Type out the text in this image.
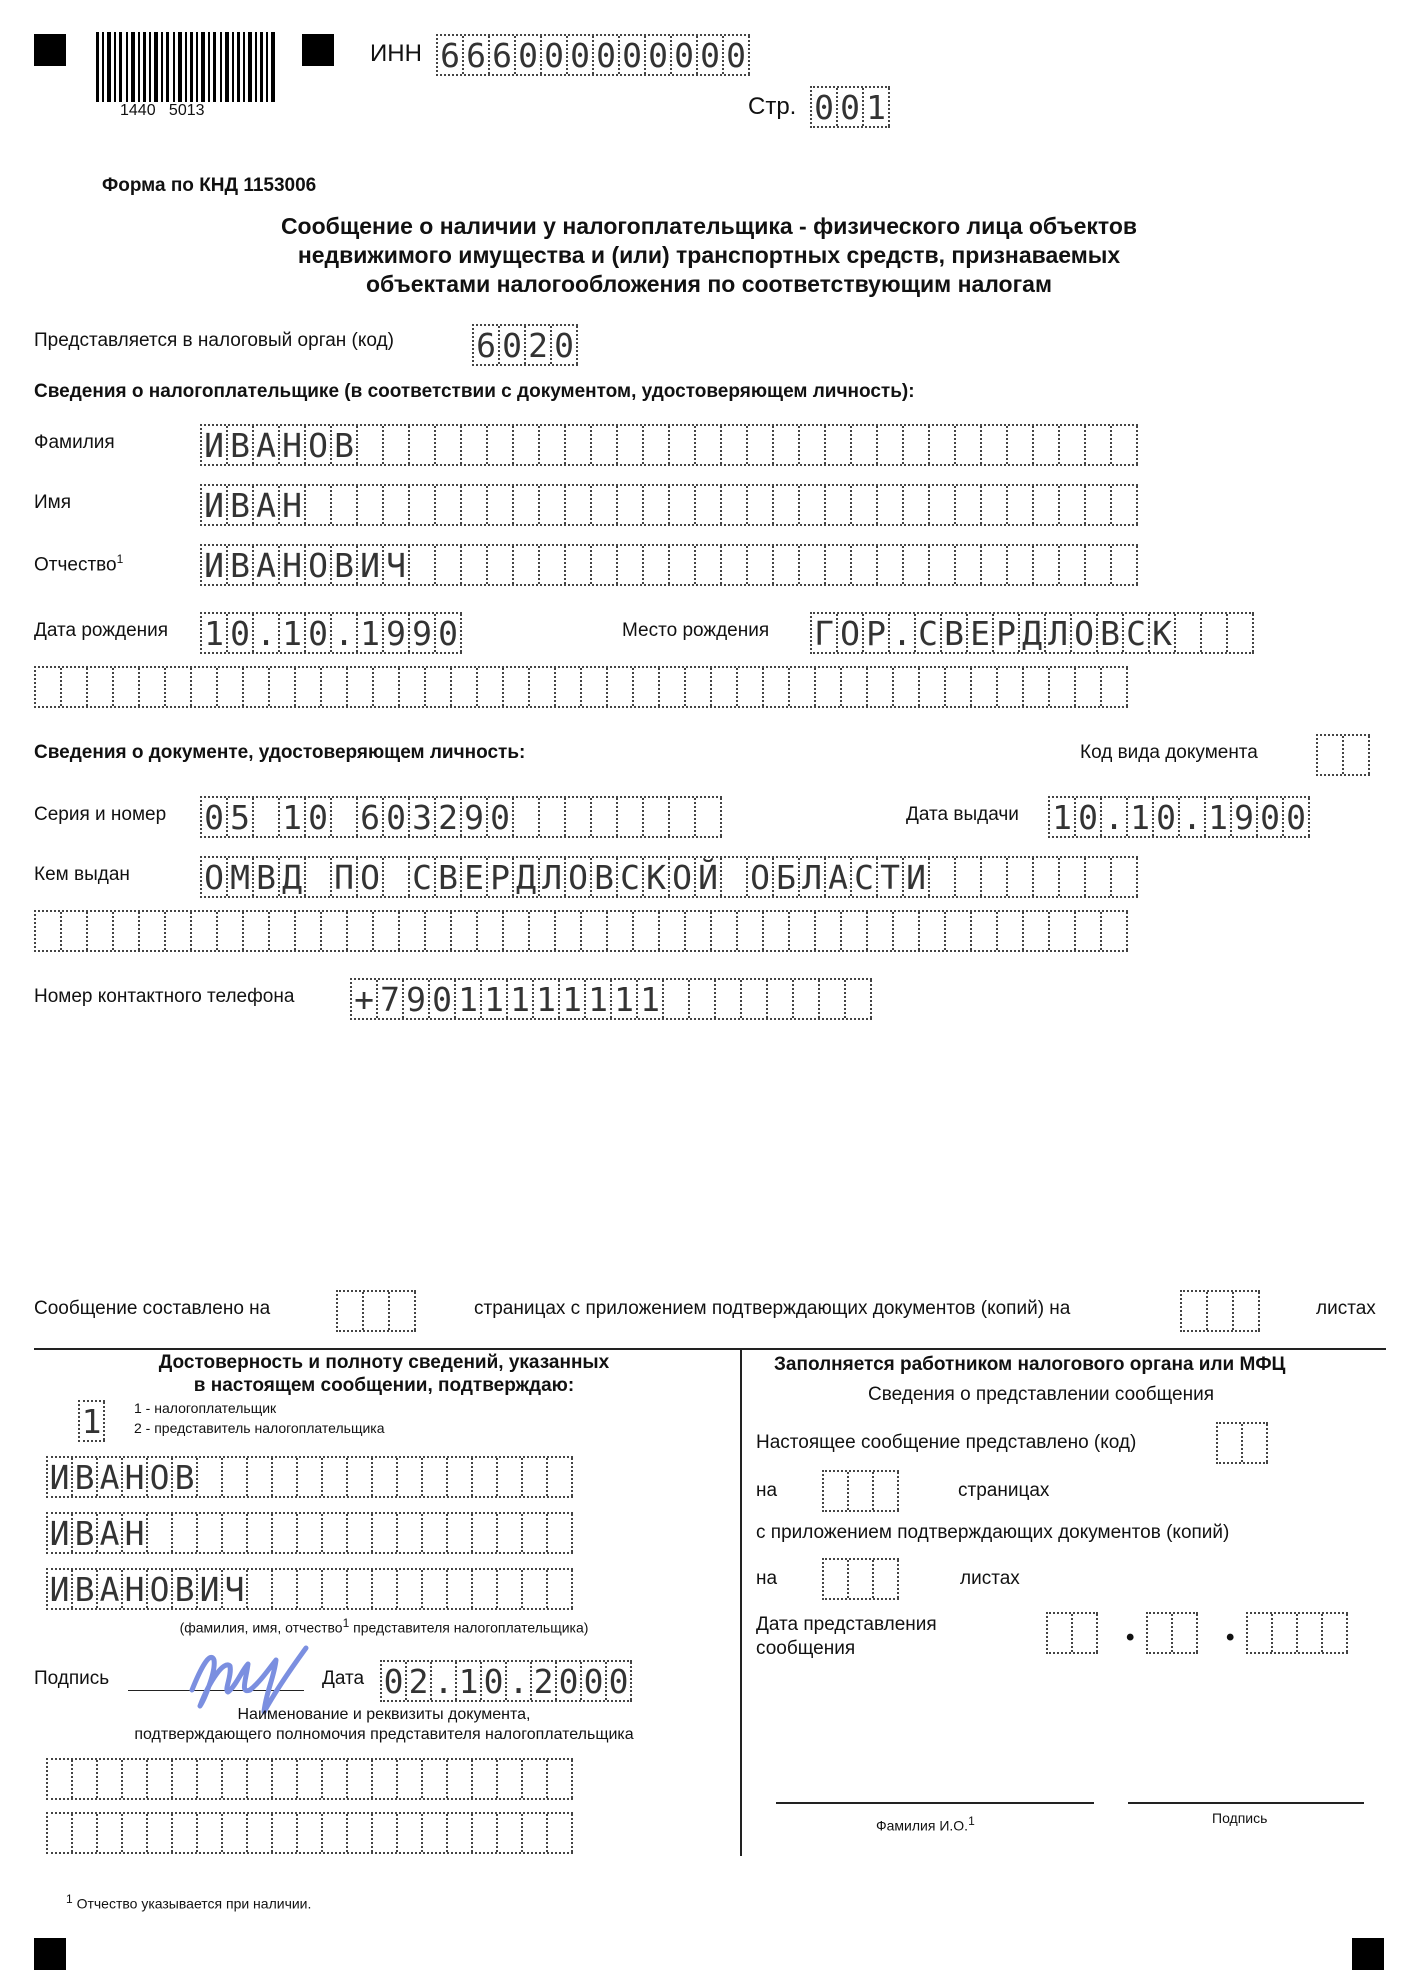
1440   5013
ИНН 6 6 6 0 0 0 0 0 0 0 0 0
Стр. 0 0 1
Форма по КНД 1153006
Сообщение о наличии у налогоплательщика - физического лица объектов
недвижимого имущества и (или) транспортных средств, признаваемых
объектами налогообложения по соответствующим налогам
Представляется в налоговый орган (код) 6 0 2 0
Сведения о налогоплательщике (в соответствии с документом, удостоверяющем личность):
Фамилия	И В А Н О В
Имя	И В А Н
Отчество$^1$ И В А Н О В И Ч
Дата рождения 1 0 . 1 0 . 1 9 9 0	Место рождения Г О Р . С В Е Р Д Л О В С К
Сведения о документе, удостоверяющем личность:	Код вида документа
Серия и номер 0 5 1 0 6 0 3 2 9 0	Дата выдачи 1 0 . 1 0 . 1 9 0 0
Кем выдан О М В Д П О С В Е Р Д Л О В С К О Й О Б Л А С Т И
Номер контактного телефона + 7 9 0 1 1 1 1 1 1 1 1
Сообщение составлено на	страницах с приложением подтверждающих документов (копий) на	листах
Достоверность и полноту сведений, указанных
в настоящем сообщении, подтверждаю:
1 1 - налогоплательщик
2 - представитель налогоплательщика
И В А Н О В
И В А Н
И В А Н О В И Ч
(фамилия, имя, отчество1 представителя налогоплательщика)
Подпись	Дата 0 2 . 1 0 . 2 0 0 0
Наименование и реквизиты документа,
подтверждающего полномочия представителя налогоплательщика
Заполняется работником налогового органа или МФЦ
Сведения о представлении сообщения
Настоящее сообщение представлено (код)
на	страницах
с приложением подтверждающих документов (копий)
на	листах
Дата представления
сообщения	•	•
Фамилия И.О.1	Подпись
1 Отчество указывается при наличии.
